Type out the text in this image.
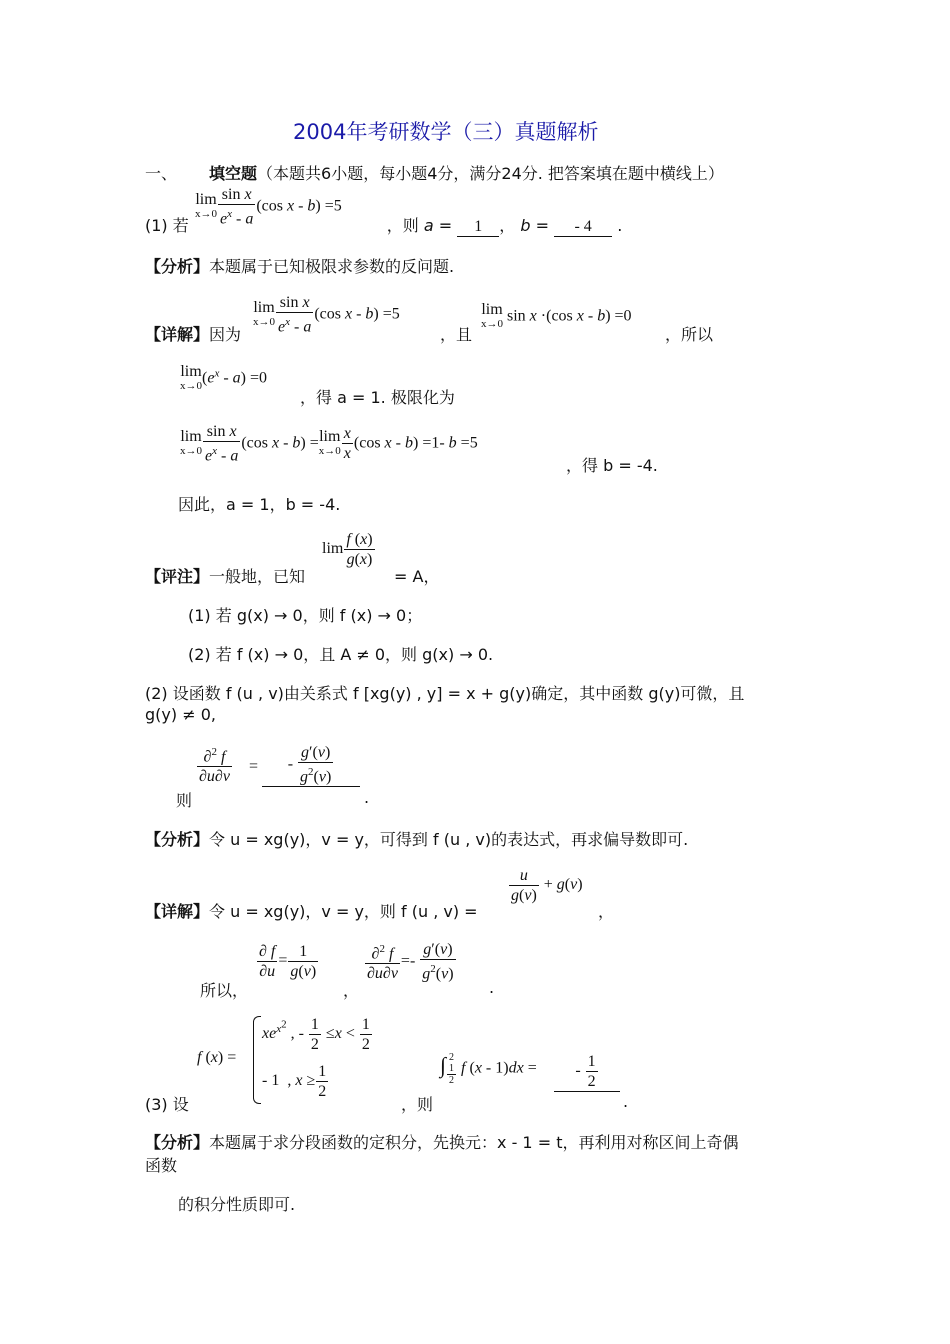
2004年考研数学（三）真题解析
一、 填空题（本题共6小题，每小题4分，满分24分. 把答案填在题中横线上）
lim
$x\to 0 \frac{\text{sin x}}{e^x - a} (\cos$ x - b) =5
(1) 若	，则 a = 1 ， b = - 4 .
【分析】本题属于已知极限求参数的反问题.
lim
$x\to 0 \frac{\text{sin x}}{e^x - a} (\cos$ x - b) =5	lim
x→0 sin x ·(cos x - b) =0
【详解】因为	，且	，所以
lim
x→0 $(e^x - a) =0$
，得 a = 1. 极限化为
lim
$x\to 0 \frac{\text{sin x}}{e^x - a} (\cos$ x - b) =lim
$x\to 0 \frac{x}{x} (\cos$ x - b) =1- b =5
，得 b = -4.
因此，a = 1，b = -4.
$\lim \frac{f (x)}{g(x)}$
【评注】一般地，已知	= A，
(1) 若 g(x) → 0，则 f (x) → 0；
(2) 若 f (x) → 0，且 A ≠ 0，则 g(x) → 0.
(2) 设函数 f (u , v)由关系式 f [xg(y) , y] = x + g(y)确定，其中函数 g(y)可微，且
g(y) ≠ 0,
$\frac{\partial^2 f}{\partial u\partial v}$ =
则
- $\frac{g'(v)}{g^2(v)}$
.
【分析】令 u = xg(y)，v = y，可得到 f (u , v)的表达式，再求偏导数即可.
$\frac{u}{g(v)} + g(v)$
【详解】令 u = xg(y)，v = y，则 f (u , v) =	，
$\frac{\partial f}{\partial u} = \frac{1}{g(v)}$
所以，	，
$\frac{\partial^2 f}{\partial u\partial v} =- \frac{g'(v)}{g^2(v)}$
.
f (x) =
$xe^{x^2}$ , - $\frac{1}{2} \le x < \frac{1}{2}$
- 1  , $x \ge \frac{1}{2}$	∫ 2

$\frac{1}{2}$ f (x - 1)dx =	- $\frac{1}{2}$
(3) 设	，则	.
【分析】本题属于求分段函数的定积分，先换元：x - 1 = t，再利用对称区间上奇偶
函数
的积分性质即可.
